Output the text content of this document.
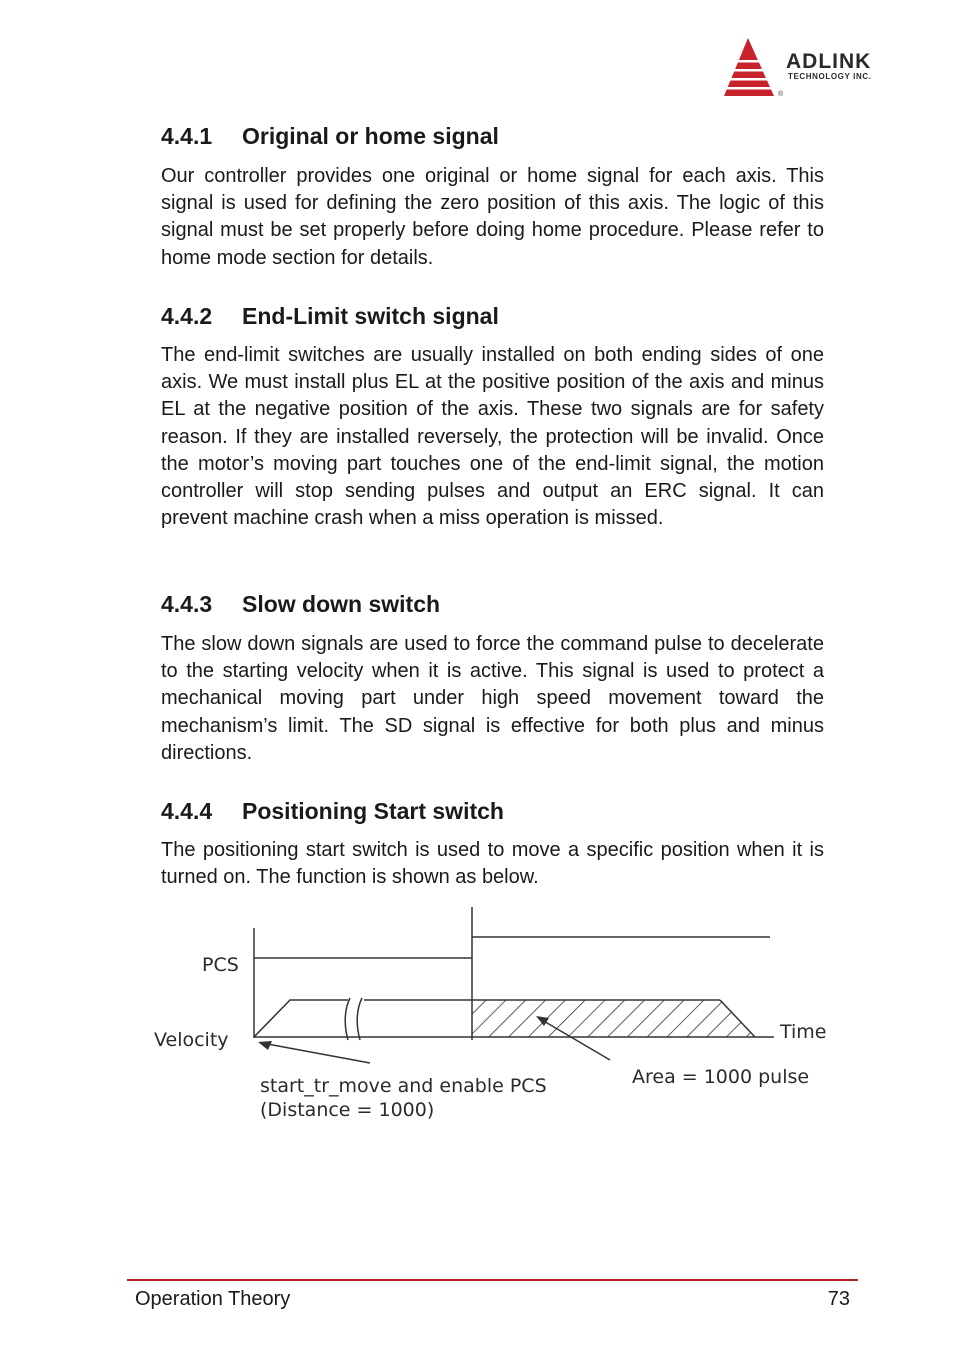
ADLINK
TECHNOLOGY INC.
®
4.4.1 Original or home signal

Our controller provides one original or home signal for each axis. This signal is used for defining the zero position of this axis. The logic of this signal must be set properly before doing home procedure. Please refer to home mode section for details.

4.4.2 End-Limit switch signal

The end-limit switches are usually installed on both ending sides of one axis. We must install plus EL at the positive position of the axis and minus EL at the negative position of the axis. These two signals are for safety reason. If they are installed reversely, the protection will be invalid. Once the motor’s moving part touches one of the end-limit signal, the motion controller will stop sending pulses and output an ERC signal. It can prevent machine crash when a miss operation is missed.

4.4.3 Slow down switch

The slow down signals are used to force the command pulse to decelerate to the starting velocity when it is active. This signal is used to protect a mechanical moving part under high speed movement toward the mechanism’s limit. The SD signal is effective for both plus and minus directions.

4.4.4 Positioning Start switch

The positioning start switch is used to move a specific position when it is turned on. The function is shown as below.

PCS
Velocity	Time
start_tr_move and enable PCS
(Distance = 1000)
Area = 1000 pulse
Operation Theory	73
